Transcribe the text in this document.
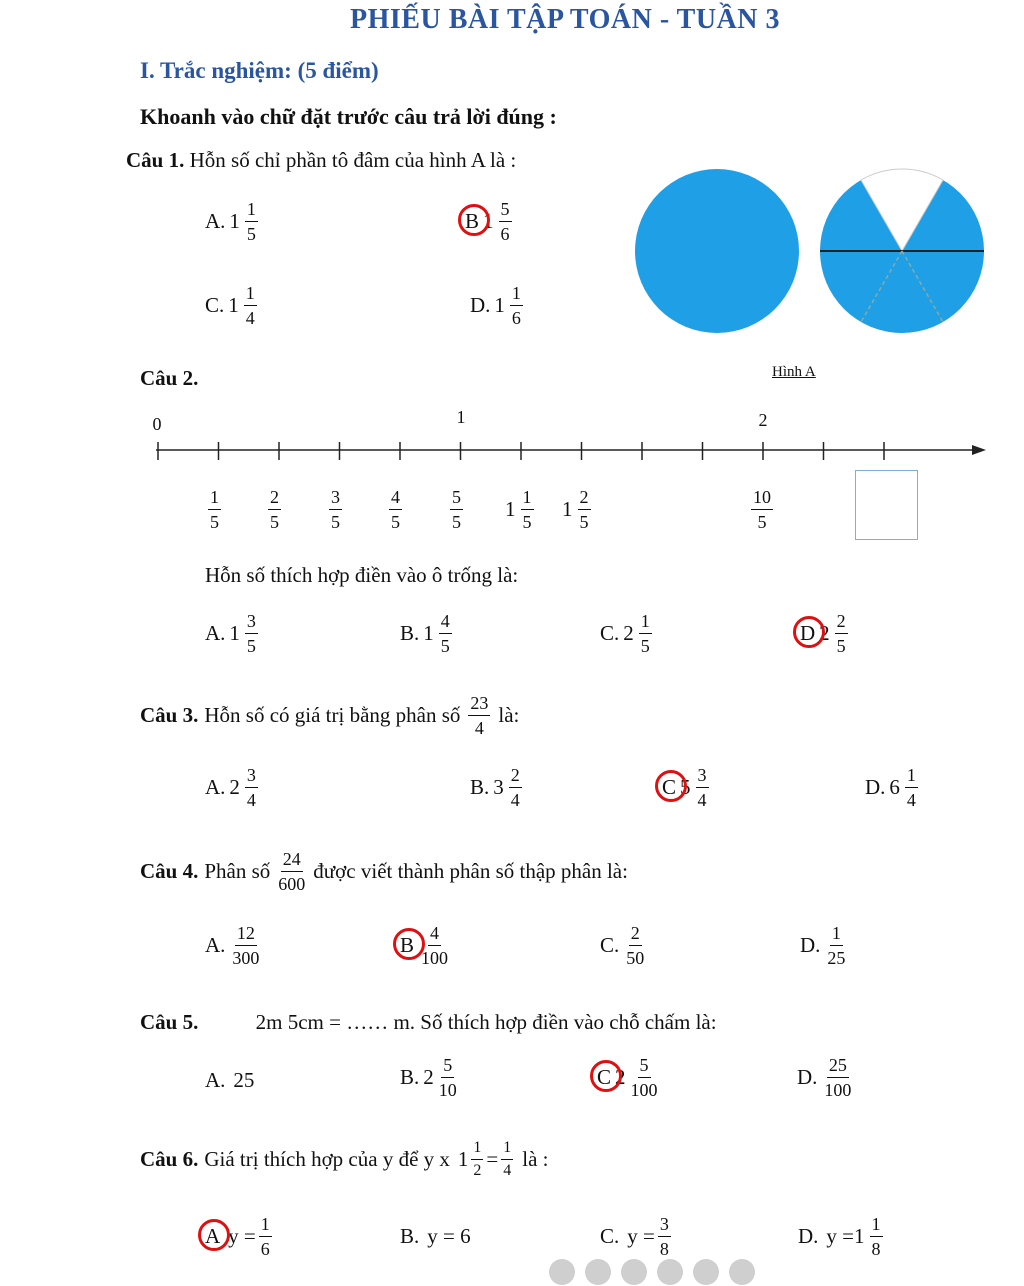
PHIẾU BÀI TẬP TOÁN - TUẦN 3
I. Trắc nghiệm: (5 điểm)
Khoanh vào chữ đặt trước câu trả lời đúng :
Câu 1. Hỗn số chỉ phần tô đâm của hình A là :
A. $1 \frac{1}{5}$	B $1 \frac{5}{6}$
C. $1 \frac{1}{4}$	D. $1 \frac{1}{6}$
Hình A
Câu 2.
0	1	2
$\frac{1}{5}$	$\frac{2}{5}$	$\frac{3}{5}$	$\frac{4}{5}$	$\frac{5}{5} 1 \frac{1}{5} 1 \frac{2}{5}$	$\frac{10}{5}$
Hỗn số thích hợp điền vào ô trống là:
A. $1 \frac{3}{5}$	B. $1 \frac{4}{5}$	C. $2 \frac{1}{5}$	D $2 \frac{2}{5}$
Câu 3. Hỗn số có giá trị bằng phân số $\frac{23}{4}$ là:
A. $2 \frac{3}{4}$	B. $3 \frac{2}{4}$	C $5 \frac{3}{4}$	D. $6 \frac{1}{4}$
Câu 4. Phân số $\frac{24}{600}$ được viết thành phân số thập phân là:
A. $\frac{12}{300}$	B $\frac{4}{100}$	C. $\frac{2}{50}$	D. $\frac{1}{25}$
Câu 5.	2m 5cm = …… m. Số thích hợp điền vào chỗ chấm là:
A. 25	B. $2 \frac{5}{10}$	C $2 \frac{5}{100}$	D. $\frac{25}{100}$
Câu 6. Giá trị thích hợp của y để y x $1 \frac{1}{2} = \frac{1}{4}$ là :
A $y = \frac{1}{6}$	B. y = 6	C. $y = \frac{3}{8}$	D. $y = 1 \frac{1}{8}$
